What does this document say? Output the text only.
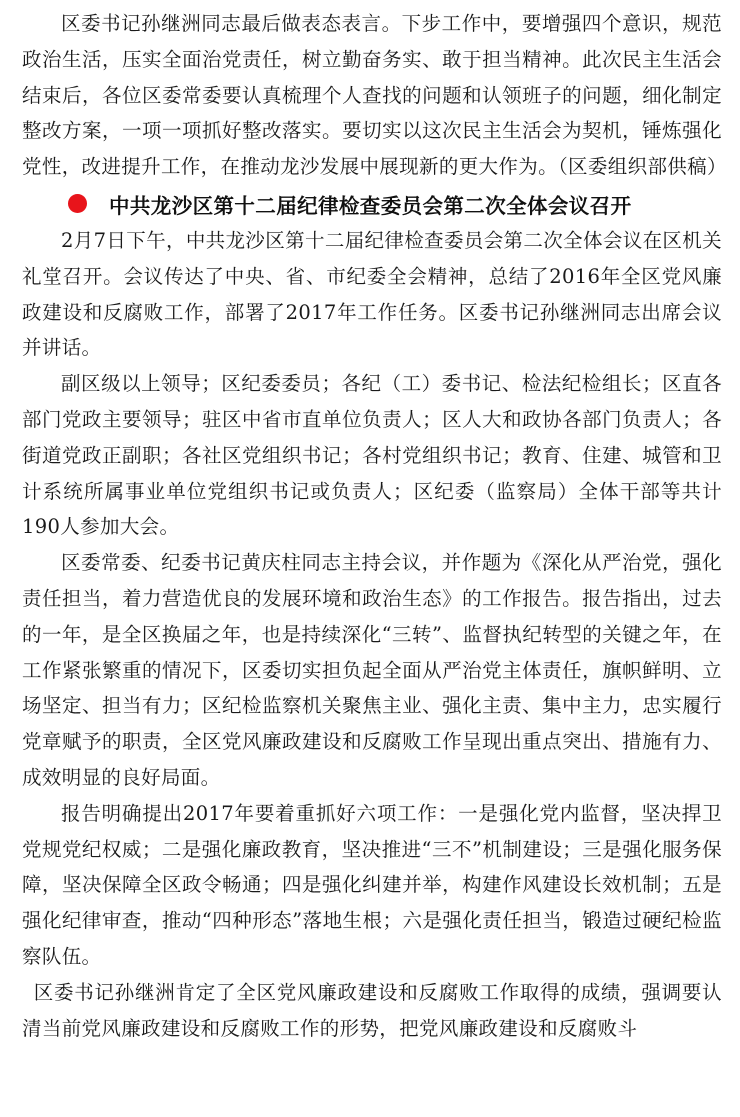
区委书记孙继洲同志最后做表态表言。下步工作中，要增强四个意识，规范政治生活，压实全面治党责任，树立勤奋务实、敢于担当精神。此次民主生活会结束后，各位区委常委要认真梳理个人查找的问题和认领班子的问题，细化制定整改方案，一项一项抓好整改落实。要切实以这次民主生活会为契机，锤炼强化党性，改进提升工作，在推动龙沙发展中展现新的更大作为。（区委组织部供稿）

中共龙沙区第十二届纪律检查委员会第二次全体会议召开

2月7日下午，中共龙沙区第十二届纪律检查委员会第二次全体会议在区机关礼堂召开。会议传达了中央、省、市纪委全会精神，总结了2016年全区党风廉政建设和反腐败工作，部署了2017年工作任务。区委书记孙继洲同志出席会议并讲话。

副区级以上领导；区纪委委员；各纪（工）委书记、检法纪检组长；区直各部门党政主要领导；驻区中省市直单位负责人；区人大和政协各部门负责人；各街道党政正副职；各社区党组织书记；各村党组织书记；教育、住建、城管和卫计系统所属事业单位党组织书记或负责人；区纪委（监察局）全体干部等共计190人参加大会。

区委常委、纪委书记黄庆柱同志主持会议，并作题为《深化从严治党，强化责任担当，着力营造优良的发展环境和政治生态》的工作报告。报告指出，过去的一年，是全区换届之年，也是持续深化“三转”、监督执纪转型的关键之年，在工作紧张繁重的情况下，区委切实担负起全面从严治党主体责任，旗帜鲜明、立场坚定、担当有力；区纪检监察机关聚焦主业、强化主责、集中主力，忠实履行党章赋予的职责，全区党风廉政建设和反腐败工作呈现出重点突出、措施有力、成效明显的良好局面。

报告明确提出2017年要着重抓好六项工作：一是强化党内监督，坚决捍卫党规党纪权威；二是强化廉政教育，坚决推进“三不”机制建设；三是强化服务保障，坚决保障全区政令畅通；四是强化纠建并举，构建作风建设长效机制；五是强化纪律审查，推动“四种形态”落地生根；六是强化责任担当，锻造过硬纪检监察队伍。

区委书记孙继洲肯定了全区党风廉政建设和反腐败工作取得的成绩，强调要认清当前党风廉政建设和反腐败工作的形势，把党风廉政建设和反腐败斗
